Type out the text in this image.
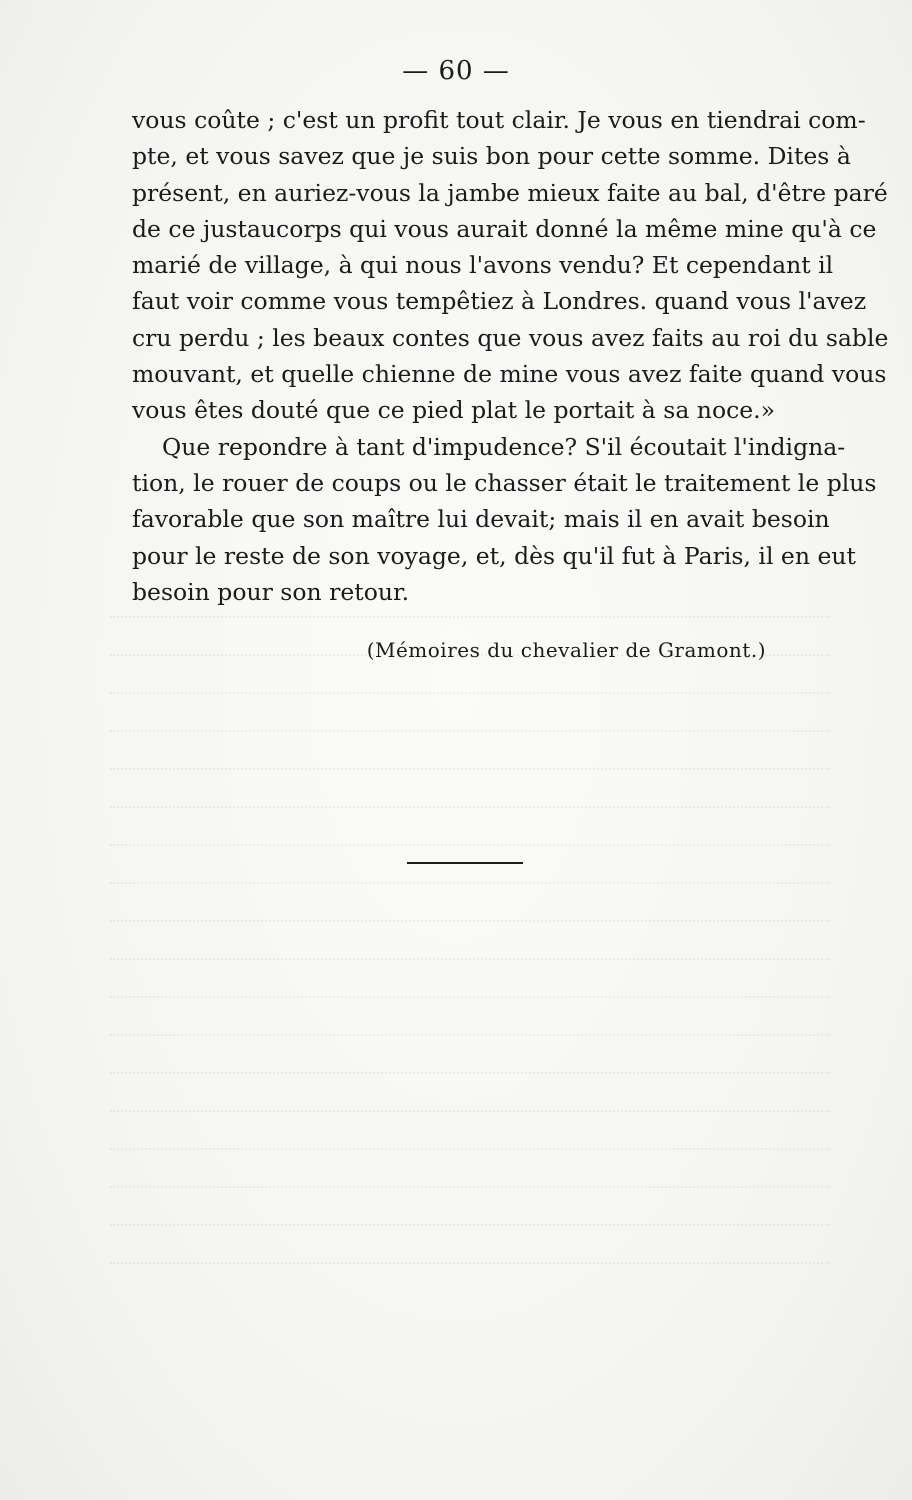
— 60 —
vous coûte ; c'est un profit tout clair. Je vous en tiendrai com-
pte, et vous savez que je suis bon pour cette somme. Dites à
présent, en auriez-vous la jambe mieux faite au bal, d'être paré
de ce justaucorps qui vous aurait donné la même mine qu'à ce
marié de village, à qui nous l'avons vendu? Et cependant il
faut voir comme vous tempêtiez à Londres. quand vous l'avez
cru perdu ; les beaux contes que vous avez faits au roi du sable
mouvant, et quelle chienne de mine vous avez faite quand vous
vous êtes douté que ce pied plat le portait à sa noce.»
Que repondre à tant d'impudence? S'il écoutait l'indigna-
tion, le rouer de coups ou le chasser était le traitement le plus
favorable que son maître lui devait; mais il en avait besoin
pour le reste de son voyage, et, dès qu'il fut à Paris, il en eut
besoin pour son retour.
(Mémoires du chevalier de Gramont.)
